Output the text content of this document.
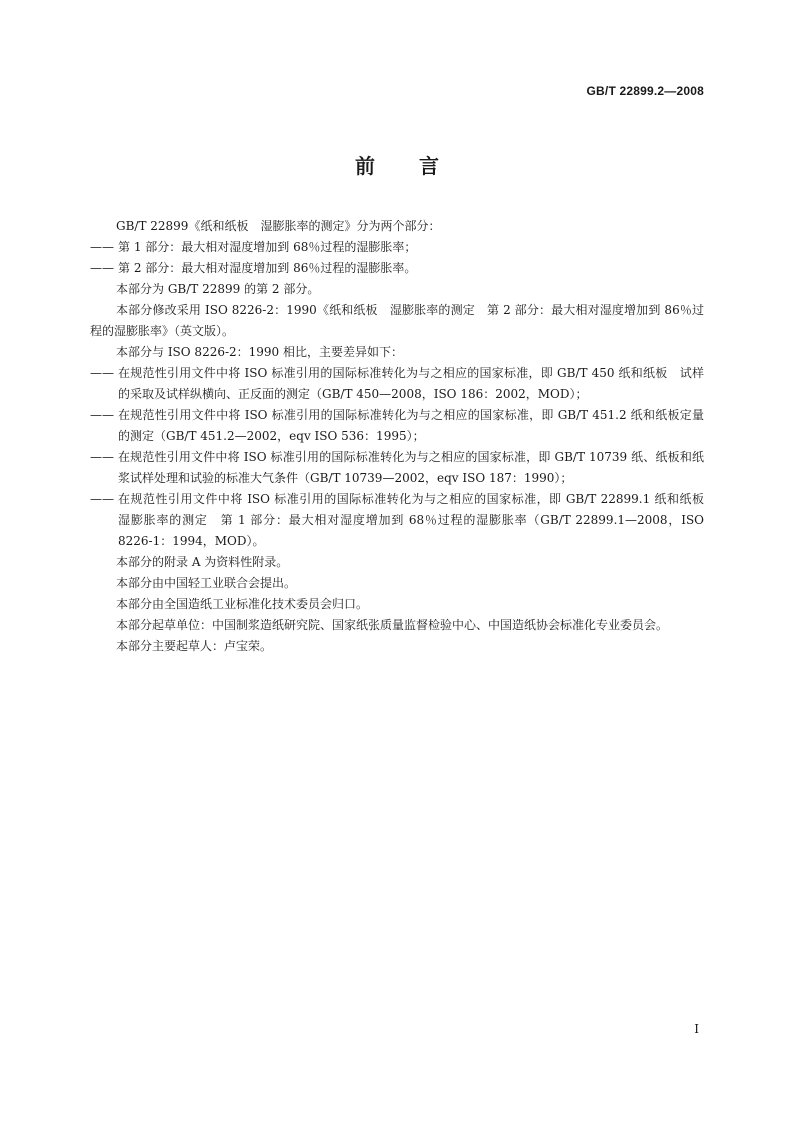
GB/T 22899.2—2008
前 言

GB/T 22899《纸和纸板　湿膨胀率的测定》分为两个部分：

—— 第 1 部分：最大相对湿度增加到 68％过程的湿膨胀率；
—— 第 2 部分：最大相对湿度增加到 86％过程的湿膨胀率。

本部分为 GB/T 22899 的第 2 部分。

本部分修改采用 ISO 8226-2：1990《纸和纸板　湿膨胀率的测定　第 2 部分：最大相对湿度增加到 86％过程的湿膨胀率》（英文版）。

本部分与 ISO 8226-2：1990 相比，主要差异如下：

—— 在规范性引用文件中将 ISO 标准引用的国际标准转化为与之相应的国家标准，即 GB/T 450 纸和纸板　试样的采取及试样纵横向、正反面的测定（GB/T 450—2008，ISO 186：2002，MOD）；
—— 在规范性引用文件中将 ISO 标准引用的国际标准转化为与之相应的国家标准，即 GB/T 451.2 纸和纸板定量的测定（GB/T 451.2—2002，eqv ISO 536：1995）；
—— 在规范性引用文件中将 ISO 标准引用的国际标准转化为与之相应的国家标准，即 GB/T 10739 纸、纸板和纸浆试样处理和试验的标准大气条件（GB/T 10739—2002，eqv ISO 187：1990）；
—— 在规范性引用文件中将 ISO 标准引用的国际标准转化为与之相应的国家标准，即 GB/T 22899.1 纸和纸板　湿膨胀率的测定　第 1 部分：最大相对湿度增加到 68％过程的湿膨胀率（GB/T 22899.1—2008，ISO 8226-1：1994，MOD）。

本部分的附录 A 为资料性附录。

本部分由中国轻工业联合会提出。

本部分由全国造纸工业标准化技术委员会归口。

本部分起草单位：中国制浆造纸研究院、国家纸张质量监督检验中心、中国造纸协会标准化专业委员会。

本部分主要起草人：卢宝荣。

I
